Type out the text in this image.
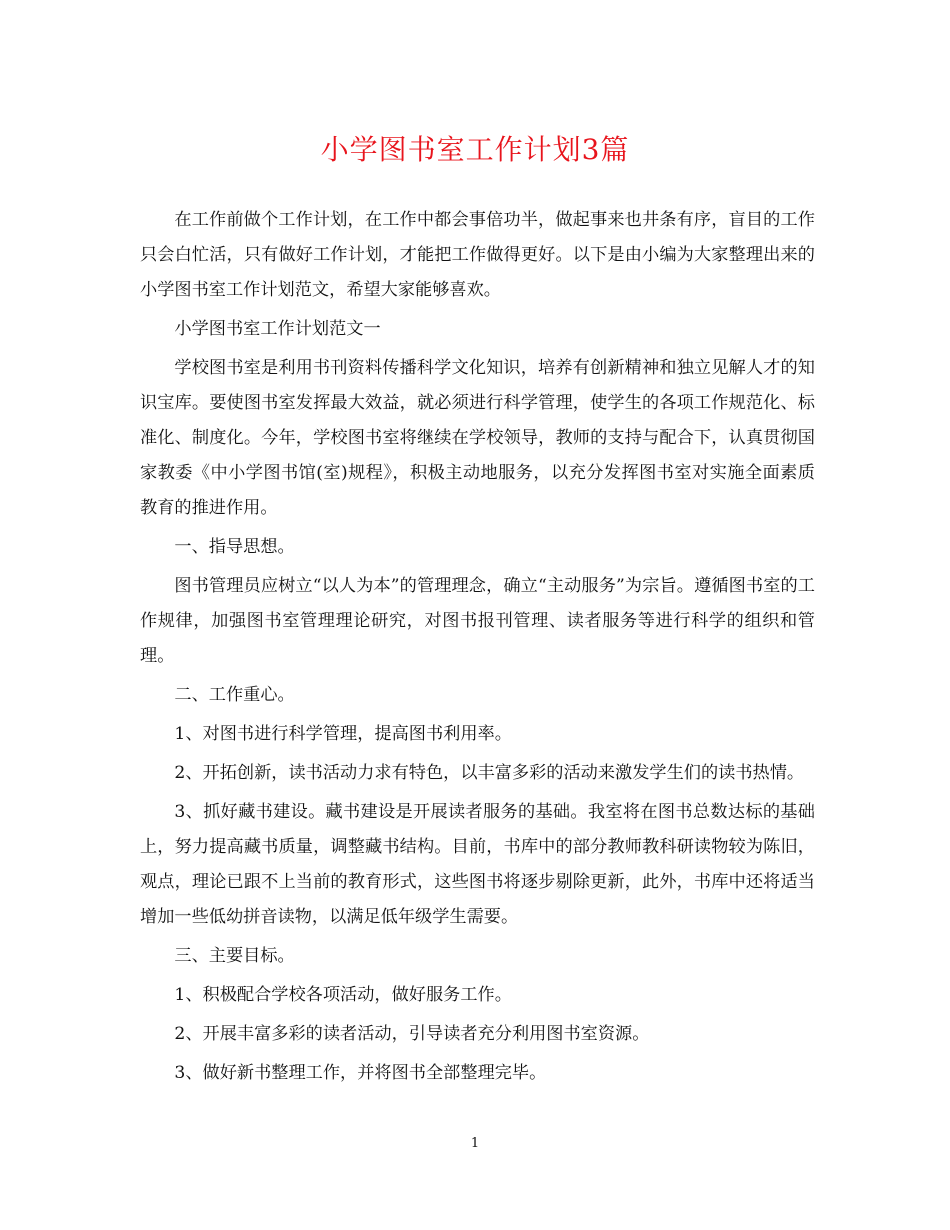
小学图书室工作计划3篇

在工作前做个工作计划，在工作中都会事倍功半，做起事来也井条有序，盲目的工作只会白忙活，只有做好工作计划，才能把工作做得更好。以下是由小编为大家整理出来的小学图书室工作计划范文，希望大家能够喜欢。

小学图书室工作计划范文一

学校图书室是利用书刊资料传播科学文化知识，培养有创新精神和独立见解人才的知识宝库。要使图书室发挥最大效益，就必须进行科学管理，使学生的各项工作规范化、标准化、制度化。今年，学校图书室将继续在学校领导，教师的支持与配合下，认真贯彻国家教委《中小学图书馆(室)规程》，积极主动地服务，以充分发挥图书室对实施全面素质教育的推进作用。

一、指导思想。

图书管理员应树立“以人为本”的管理理念，确立“主动服务”为宗旨。遵循图书室的工作规律，加强图书室管理理论研究，对图书报刊管理、读者服务等进行科学的组织和管理。

二、工作重心。

1、对图书进行科学管理，提高图书利用率。

2、开拓创新，读书活动力求有特色，以丰富多彩的活动来激发学生们的读书热情。

3、抓好藏书建设。藏书建设是开展读者服务的基础。我室将在图书总数达标的基础上，努力提高藏书质量，调整藏书结构。目前，书库中的部分教师教科研读物较为陈旧，观点，理论已跟不上当前的教育形式，这些图书将逐步剔除更新，此外，书库中还将适当增加一些低幼拼音读物，以满足低年级学生需要。

三、主要目标。

1、积极配合学校各项活动，做好服务工作。

2、开展丰富多彩的读者活动，引导读者充分利用图书室资源。

3、做好新书整理工作，并将图书全部整理完毕。

1
